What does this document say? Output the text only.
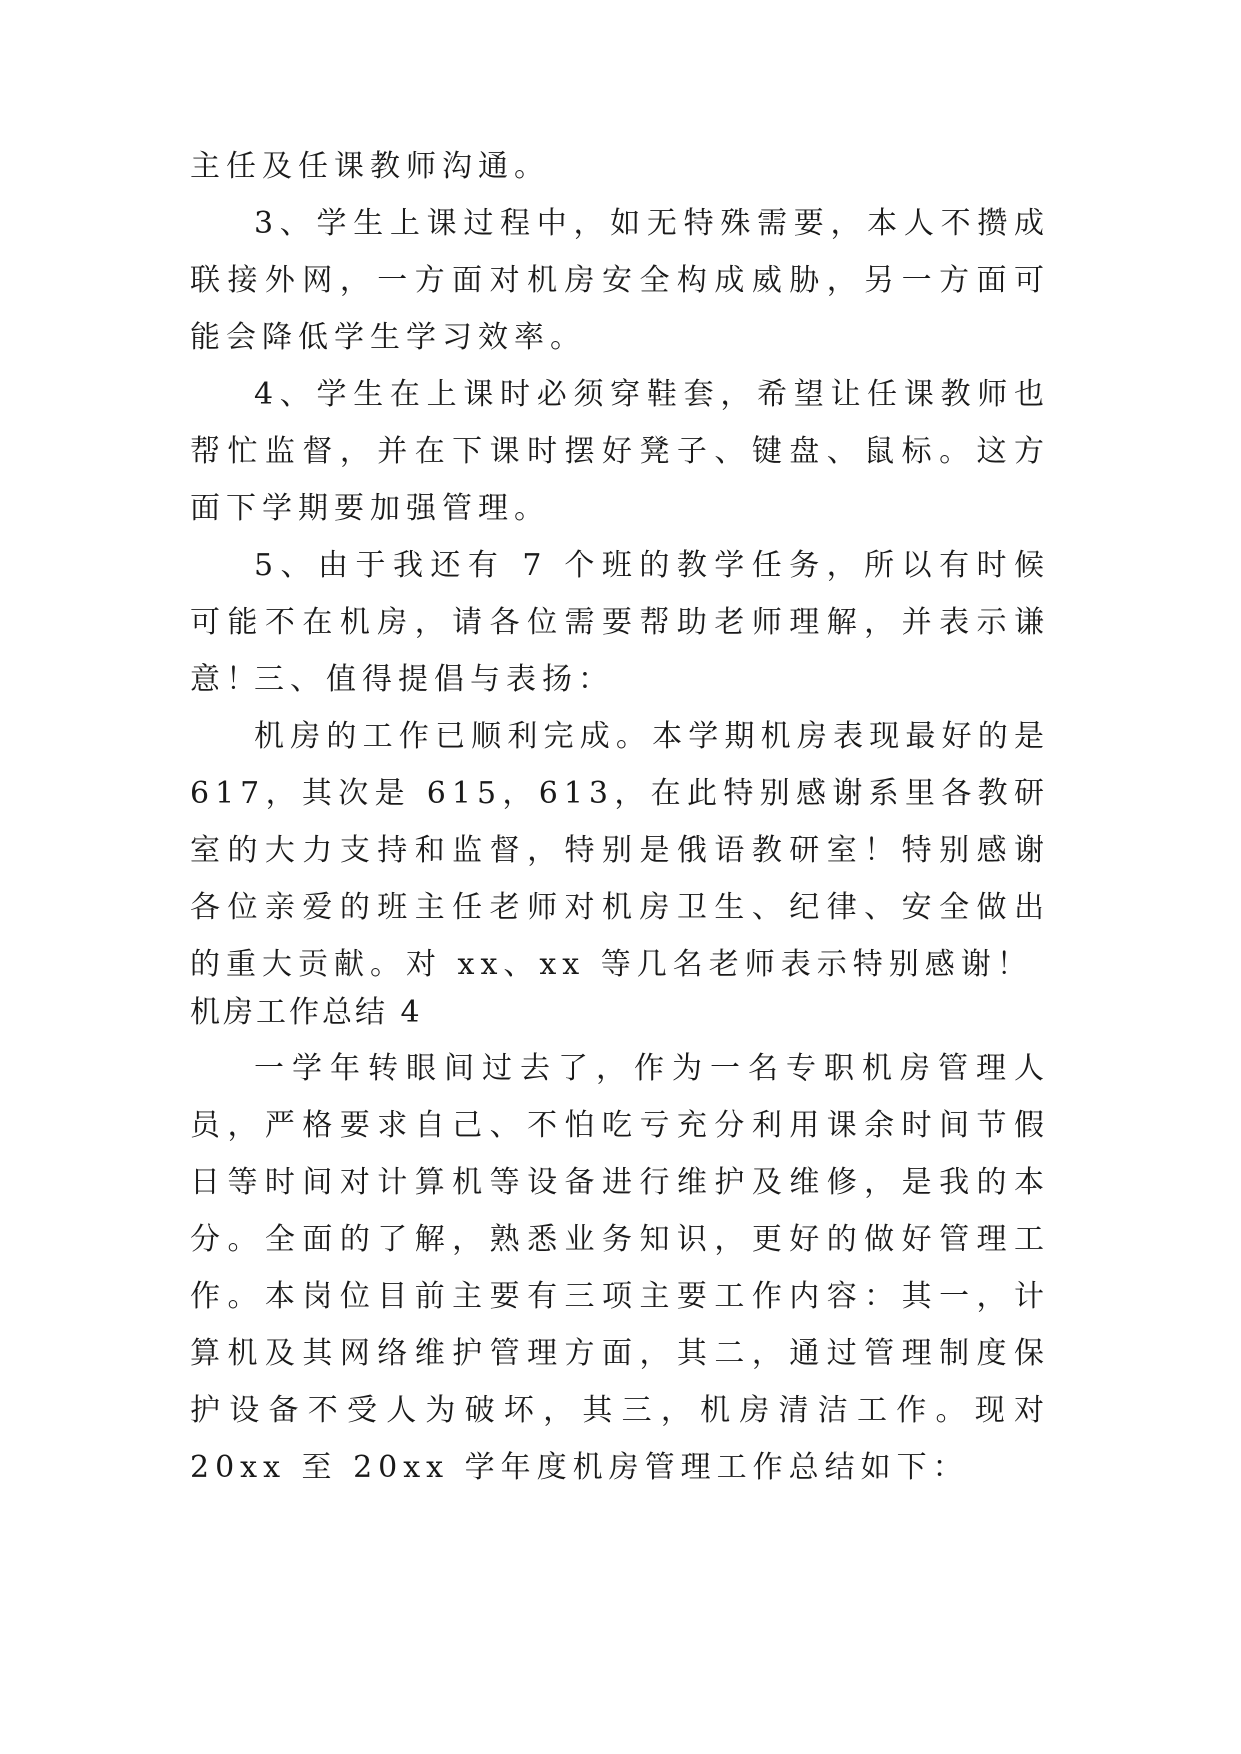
主任及任课教师沟通。

3、学生上课过程中，如无特殊需要，本人不攒成联接外网，一方面对机房安全构成威胁，另一方面可能会降低学生学习效率。

4、学生在上课时必须穿鞋套，希望让任课教师也帮忙监督，并在下课时摆好凳子、键盘、鼠标。这方面下学期要加强管理。

5、由于我还有 7 个班的教学任务，所以有时候可能不在机房，请各位需要帮助老师理解，并表示谦意！

三、值得提倡与表扬：

机房的工作已顺利完成。本学期机房表现最好的是 617，其次是 615，613，在此特别感谢系里各教研室的大力支持和监督，特别是俄语教研室！特别感谢各位亲爱的班主任老师对机房卫生、纪律、安全做出的重大贡献。对 xx、xx 等几名老师表示特别感谢！

机房工作总结 4

一学年转眼间过去了，作为一名专职机房管理人员，严格要求自己、不怕吃亏充分利用课余时间节假日等时间对计算机等设备进行维护及维修，是我的本分。全面的了解，熟悉业务知识，更好的做好管理工作。本岗位目前主要有三项主要工作内容：其一，计算机及其网络维护管理方面，其二，通过管理制度保护设备不受人为破坏，其三，机房清洁工作。现对 20xx 至 20xx 学年度机房管理工作总结如下：
